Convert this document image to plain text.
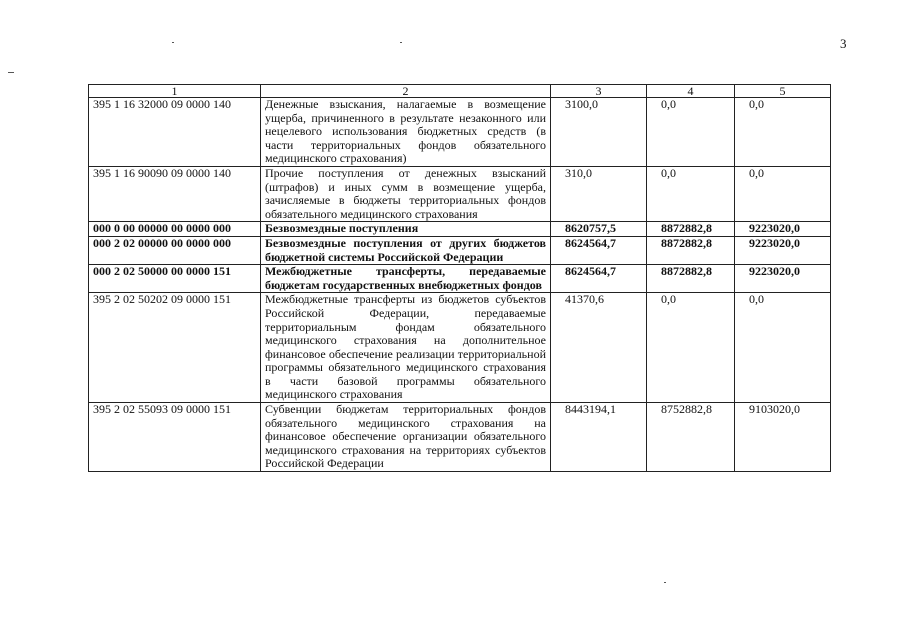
3
1	2	3	4	5
395 1 16 32000 09 0000 140	Денежные взыскания, налагаемые в возмещение ущерба, причиненного в результате незаконного или нецелевого использования бюджетных средств (в части территориальных фондов обязательного медицинского страхования)	3100,0	0,0	0,0
395 1 16 90090 09 0000 140	Прочие поступления от денежных взысканий (штрафов) и иных сумм в возмещение ущерба, зачисляемые в бюджеты территориальных фондов обязательного медицинского страхования	310,0	0,0	0,0
000 0 00 00000 00 0000 000	Безвозмездные поступления	8620757,5	8872882,8	9223020,0
000 2 02 00000 00 0000 000	Безвозмездные поступления от других бюджетов бюджетной системы Российской Федерации	8624564,7	8872882,8	9223020,0
000 2 02 50000 00 0000 151	Межбюджетные трансферты, передаваемые бюджетам государственных внебюджетных фондов	8624564,7	8872882,8	9223020,0
395 2 02 50202 09 0000 151	Межбюджетные трансферты из бюджетов субъектов Российской Федерации, передаваемые территориальным фондам обязательного медицинского страхования на дополнительное финансовое обеспечение реализации территориальной программы обязательного медицинского страхования в части базовой программы обязательного медицинского страхования	41370,6	0,0	0,0
395 2 02 55093 09 0000 151	Субвенции бюджетам территориальных фондов обязательного медицинского страхования на финансовое обеспечение организации обязательного медицинского страхования на территориях субъектов Российской Федерации	8443194,1	8752882,8	9103020,0
